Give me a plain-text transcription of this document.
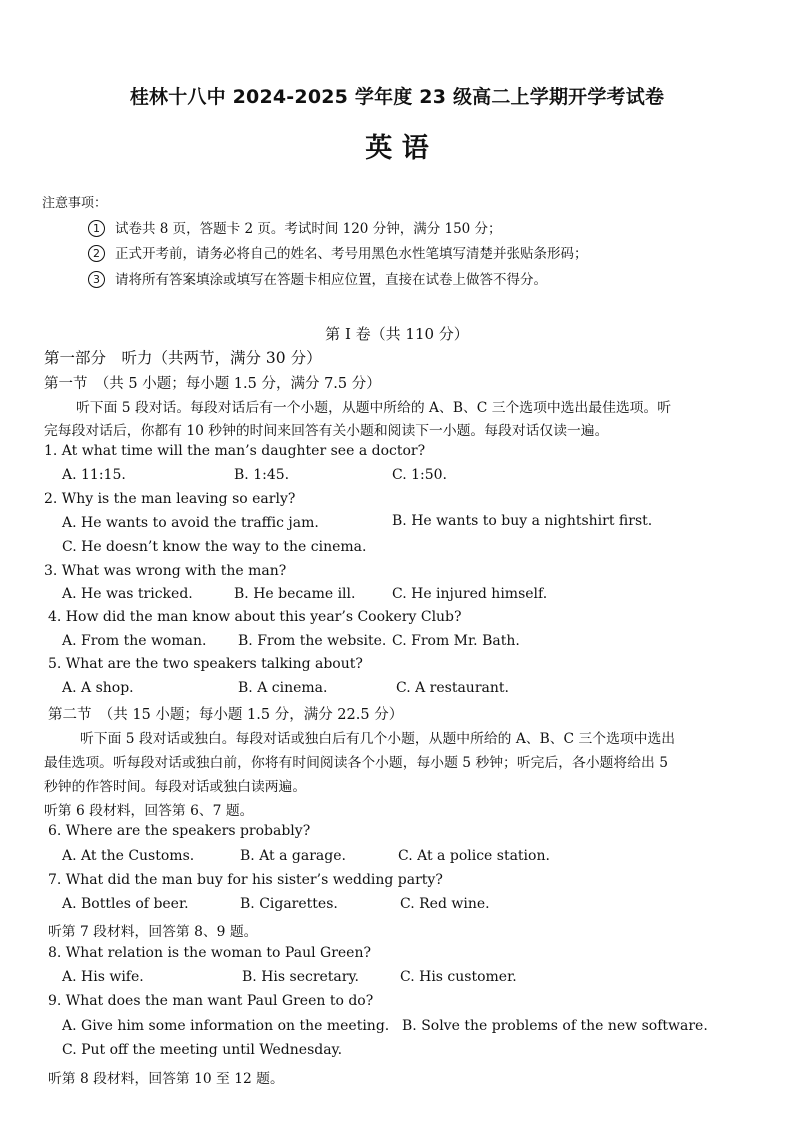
桂林十八中 2024-2025 学年度 23 级高二上学期开学考试卷
英 语
注意事项：
1 试卷共 8 页，答题卡 2 页。考试时间 120 分钟，满分 150 分；
2 正式开考前，请务必将自己的姓名、考号用黑色水性笔填写清楚并张贴条形码；
3 请将所有答案填涂或填写在答题卡相应位置，直接在试卷上做答不得分。
第 I 卷（共 110 分）
第一部分　听力（共两节，满分 30 分）
第一节　（共 5 小题；每小题 1.5 分，满分 7.5 分）
听下面 5 段对话。每段对话后有一个小题，从题中所给的 A、B、C 三个选项中选出最佳选项。听
完每段对话后，你都有 10 秒钟的时间来回答有关小题和阅读下一小题。每段对话仅读一遍。
1. At what time will the man’s daughter see a doctor?
A. 11:15.	B. 1:45.	C. 1:50.
2. Why is the man leaving so early?
A. He wants to avoid the traffic jam.	B. He wants to buy a nightshirt first.
C. He doesn’t know the way to the cinema.
3. What was wrong with the man?
A. He was tricked.	B. He became ill.	C. He injured himself.
4. How did the man know about this year’s Cookery Club?
A. From the woman. B. From the website. C. From Mr. Bath.
5. What are the two speakers talking about?
A. A shop.	B. A cinema.	C. A restaurant.
第二节　（共 15 小题；每小题 1.5 分，满分 22.5 分）
听下面 5 段对话或独白。每段对话或独白后有几个小题，从题中所给的 A、B、C 三个选项中选出
最佳选项。听每段对话或独白前，你将有时间阅读各个小题，每小题 5 秒钟；听完后，各小题将给出 5
秒钟的作答时间。每段对话或独白读两遍。
听第 6 段材料，回答第 6、7 题。
6. Where are the speakers probably?
A. At the Customs.	B. At a garage.	C. At a police station.
7. What did the man buy for his sister’s wedding party?
A. Bottles of beer.	B. Cigarettes.	C. Red wine.
听第 7 段材料，回答第 8、9 题。
8. What relation is the woman to Paul Green?
A. His wife.	B. His secretary.	C. His customer.
9. What does the man want Paul Green to do?
A. Give him some information on the meeting. B. Solve the problems of the new software.
C. Put off the meeting until Wednesday.
听第 8 段材料，回答第 10 至 12 题。
